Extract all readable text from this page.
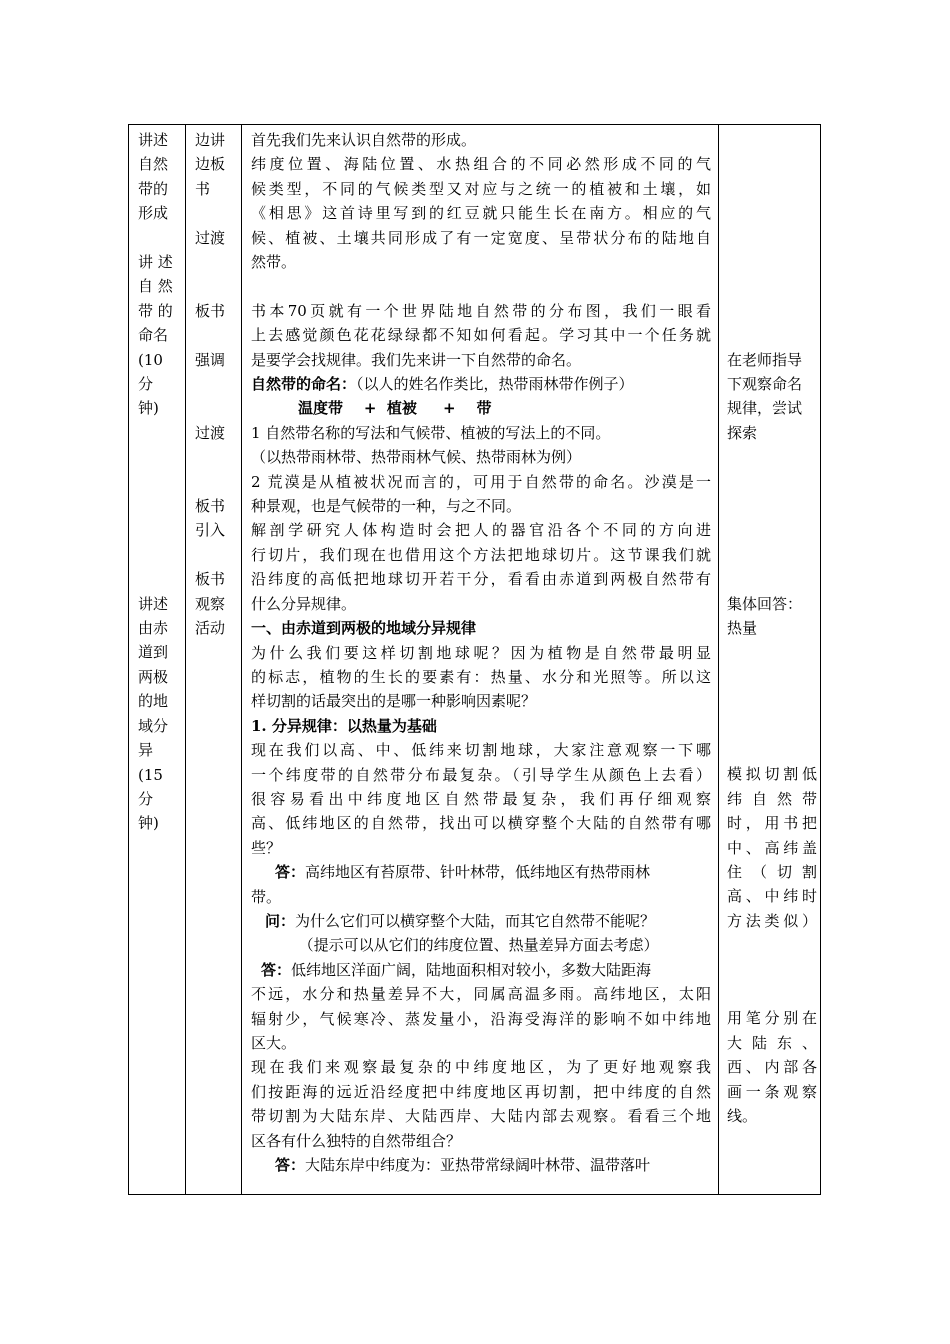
讲述
自然
带的
形成
讲 述
自 然
带 的
命名
(10
分
钟)
讲述
由赤
道到
两极
的地
域分
异
(15
分
钟)
边讲
边板
书
过渡
板书
强调
过渡
板书
引入
板书
观察
活动
首先我们先来认识自然带的形成。
纬度位置、海陆位置、水热组合的不同必然形成不同的气
候类型，不同的气候类型又对应与之统一的植被和土壤，如
《相思》这首诗里写到的红豆就只能生长在南方。相应的气
候、植被、土壤共同形成了有一定宽度、呈带状分布的陆地自
然带。
书本70页就有一个世界陆地自然带的分布图，我们一眼看
上去感觉颜色花花绿绿都不知如何看起。学习其中一个任务就
是要学会找规律。我们先来讲一下自然带的命名。
自然带的命名：（以人的姓名作类比，热带雨林带作例子）
温度带    +  植被     +    带
1 自然带名称的写法和气候带、植被的写法上的不同。
（以热带雨林带、热带雨林气候、热带雨林为例）
2 荒漠是从植被状况而言的，可用于自然带的命名。沙漠是一
种景观，也是气候带的一种，与之不同。
解剖学研究人体构造时会把人的器官沿各个不同的方向进
行切片，我们现在也借用这个方法把地球切片。这节课我们就
沿纬度的高低把地球切开若干分，看看由赤道到两极自然带有
什么分异规律。
一、由赤道到两极的地域分异规律
为什么我们要这样切割地球呢？因为植物是自然带最明显
的标志，植物的生长的要素有：热量、水分和光照等。所以这
样切割的话最突出的是哪一种影响因素呢？
1. 分异规律：以热量为基础
现在我们以高、中、低纬来切割地球，大家注意观察一下哪
一个纬度带的自然带分布最复杂。（引导学生从颜色上去看）
很容易看出中纬度地区自然带最复杂，我们再仔细观察
高、低纬地区的自然带，找出可以横穿整个大陆的自然带有哪
些？
答：高纬地区有苔原带、针叶林带，低纬地区有热带雨林
带。
问：为什么它们可以横穿整个大陆，而其它自然带不能呢？
（提示可以从它们的纬度位置、热量差异方面去考虑）
答：低纬地区洋面广阔，陆地面积相对较小，多数大陆距海
不远，水分和热量差异不大，同属高温多雨。高纬地区，太阳
辐射少，气候寒冷、蒸发量小，沿海受海洋的影响不如中纬地
区大。
现在我们来观察最复杂的中纬度地区，为了更好地观察我
们按距海的远近沿经度把中纬度地区再切割，把中纬度的自然
带切割为大陆东岸、大陆西岸、大陆内部去观察。看看三个地
区各有什么独特的自然带组合？
答：大陆东岸中纬度为：亚热带常绿阔叶林带、温带落叶
在老师指导
下观察命名
规律，尝试
探索
集体回答：
热量
模拟切割低
纬 自 然 带
时，用书把
中、高纬盖
住 （ 切 割
高、中纬时
方法类似）
用笔分别在
大 陆 东 、
西、内部各
画一条观察
线。
